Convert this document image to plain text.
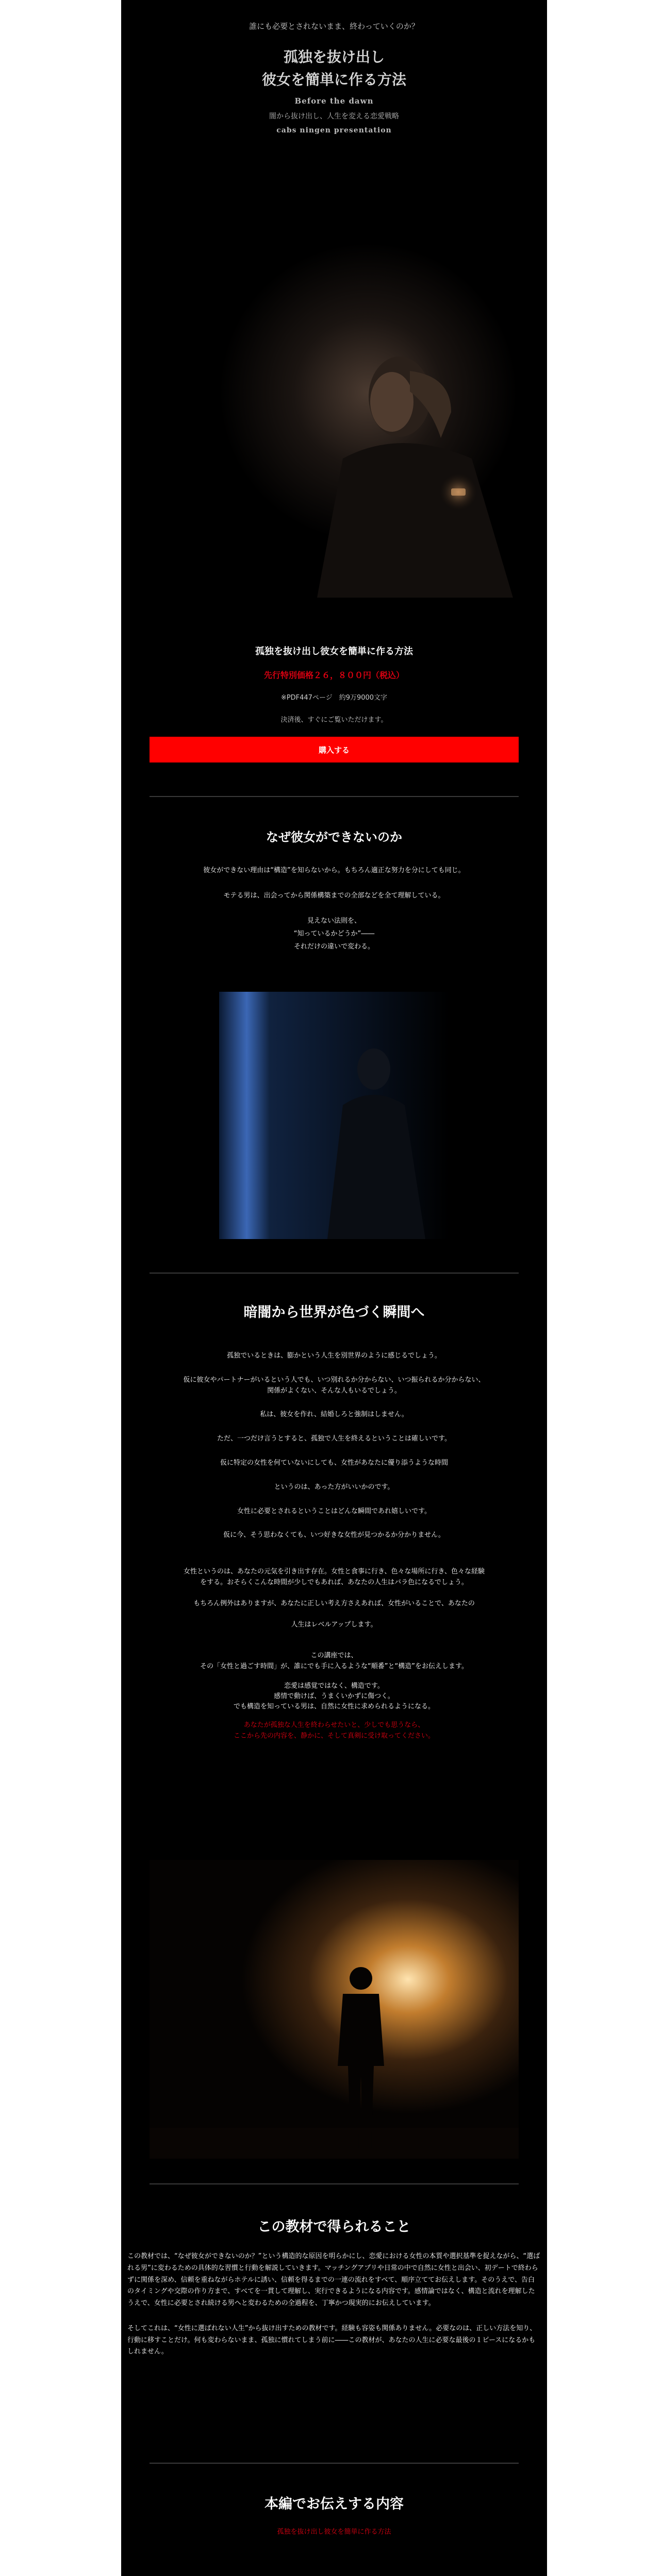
誰にも必要とされないまま、終わっていくのか？

孤独を抜け出し

彼女を簡単に作る方法

Before the dawn

闇から抜け出し、人生を変える恋愛戦略

cabs ningen presentation

孤独を抜け出し彼女を簡単に作る方法

先行特別価格２６，８００円（税込）

※PDF447ページ　約9万9000文字

決済後、すぐにご覧いただけます。

購入する

なぜ彼女ができないのか

彼女ができない理由は“構造”を知らないから。もちろん適正な努力を分にしても同じ。

モテる男は、出会ってから関係構築までの全部などを全て理解している。

見えない法則を、

“知っているかどうか”――

それだけの違いで変わる。

暗闇から世界が色づく瞬間へ

孤独でいるときは、膨かという人生を別世界のように感じるでしょう。

仮に彼女やパートナーがいるという人でも、いつ別れるか分からない、いつ振られるか分からない、
関係がよくない、そんな人もいるでしょう。

私は、彼女を作れ、結婚しろと強制はしません。

ただ、一つだけ言うとすると、孤独で人生を終えるということは確しいです。

仮に特定の女性を何ていないにしても、女性があなたに優り添うような時間

というのは、あった方がいいかのです。

女性に必要とされるということはどんな瞬間であれ嬉しいです。

仮に今、そう思わなくても、いつ好きな女性が見つかるか分かりません。

女性というのは、あなたの元気を引き出す存在。女性と食事に行き、色々な場所に行き、色々な経験

をする。おそらくこんな時間が少しでもあれば、あなたの人生はパラ色になるでしょう。

もちろん例外はありますが、あなたに正しい考え方さえあれば、女性がいることで、あなたの

人生はレベルアップします。

この講座では、

その「女性と過ごす時間」が、誰にでも手に入るような“順番”と“構造”をお伝えします。

恋愛は感覚ではなく、構造です。

感情で動けば、うまくいかずに傷つく。

でも構造を知っている男は、自然に女性に求められるようになる。

あなたが孤独な人生を終わらせたいと、少しでも思うなら、

ここから先の内容を、静かに、そして真剣に受け取ってください。

この教材で得られること

この教材では、“なぜ彼女ができないのか？”という構造的な原因を明らかにし、恋愛における女性の本質や選択基準を捉えながら、“選ばれる男”に変わるための具体的な習慣と行動を解説していきます。マッチングアプリや日常の中で自然に女性と出会い、初デートで終わらずに関係を深め、信頼を重ねながらホテルに誘い、信頼を得るまでの一連の流れをすべて、順序立ててお伝えします。そのうえで、告白のタイミングや交際の作り方まで、すべてを一貫して理解し、実行できるようになる内容です。感情論ではなく、構造と流れを理解したうえで、女性に必要とされ続ける男へと変わるための全過程を、丁寧かつ現実的にお伝えしています。

そしてこれは、“女性に選ばれない人生”から抜け出すための教材です。経験も容姿も関係ありません。必要なのは、正しい方法を知り、行動に移すことだけ。何も変わらないまま、孤独に慣れてしまう前に――この教材が、あなたの人生に必要な最後の１ピースになるかもしれません。

本編でお伝えする内容

孤独を抜け出し彼女を簡単に作る方法
